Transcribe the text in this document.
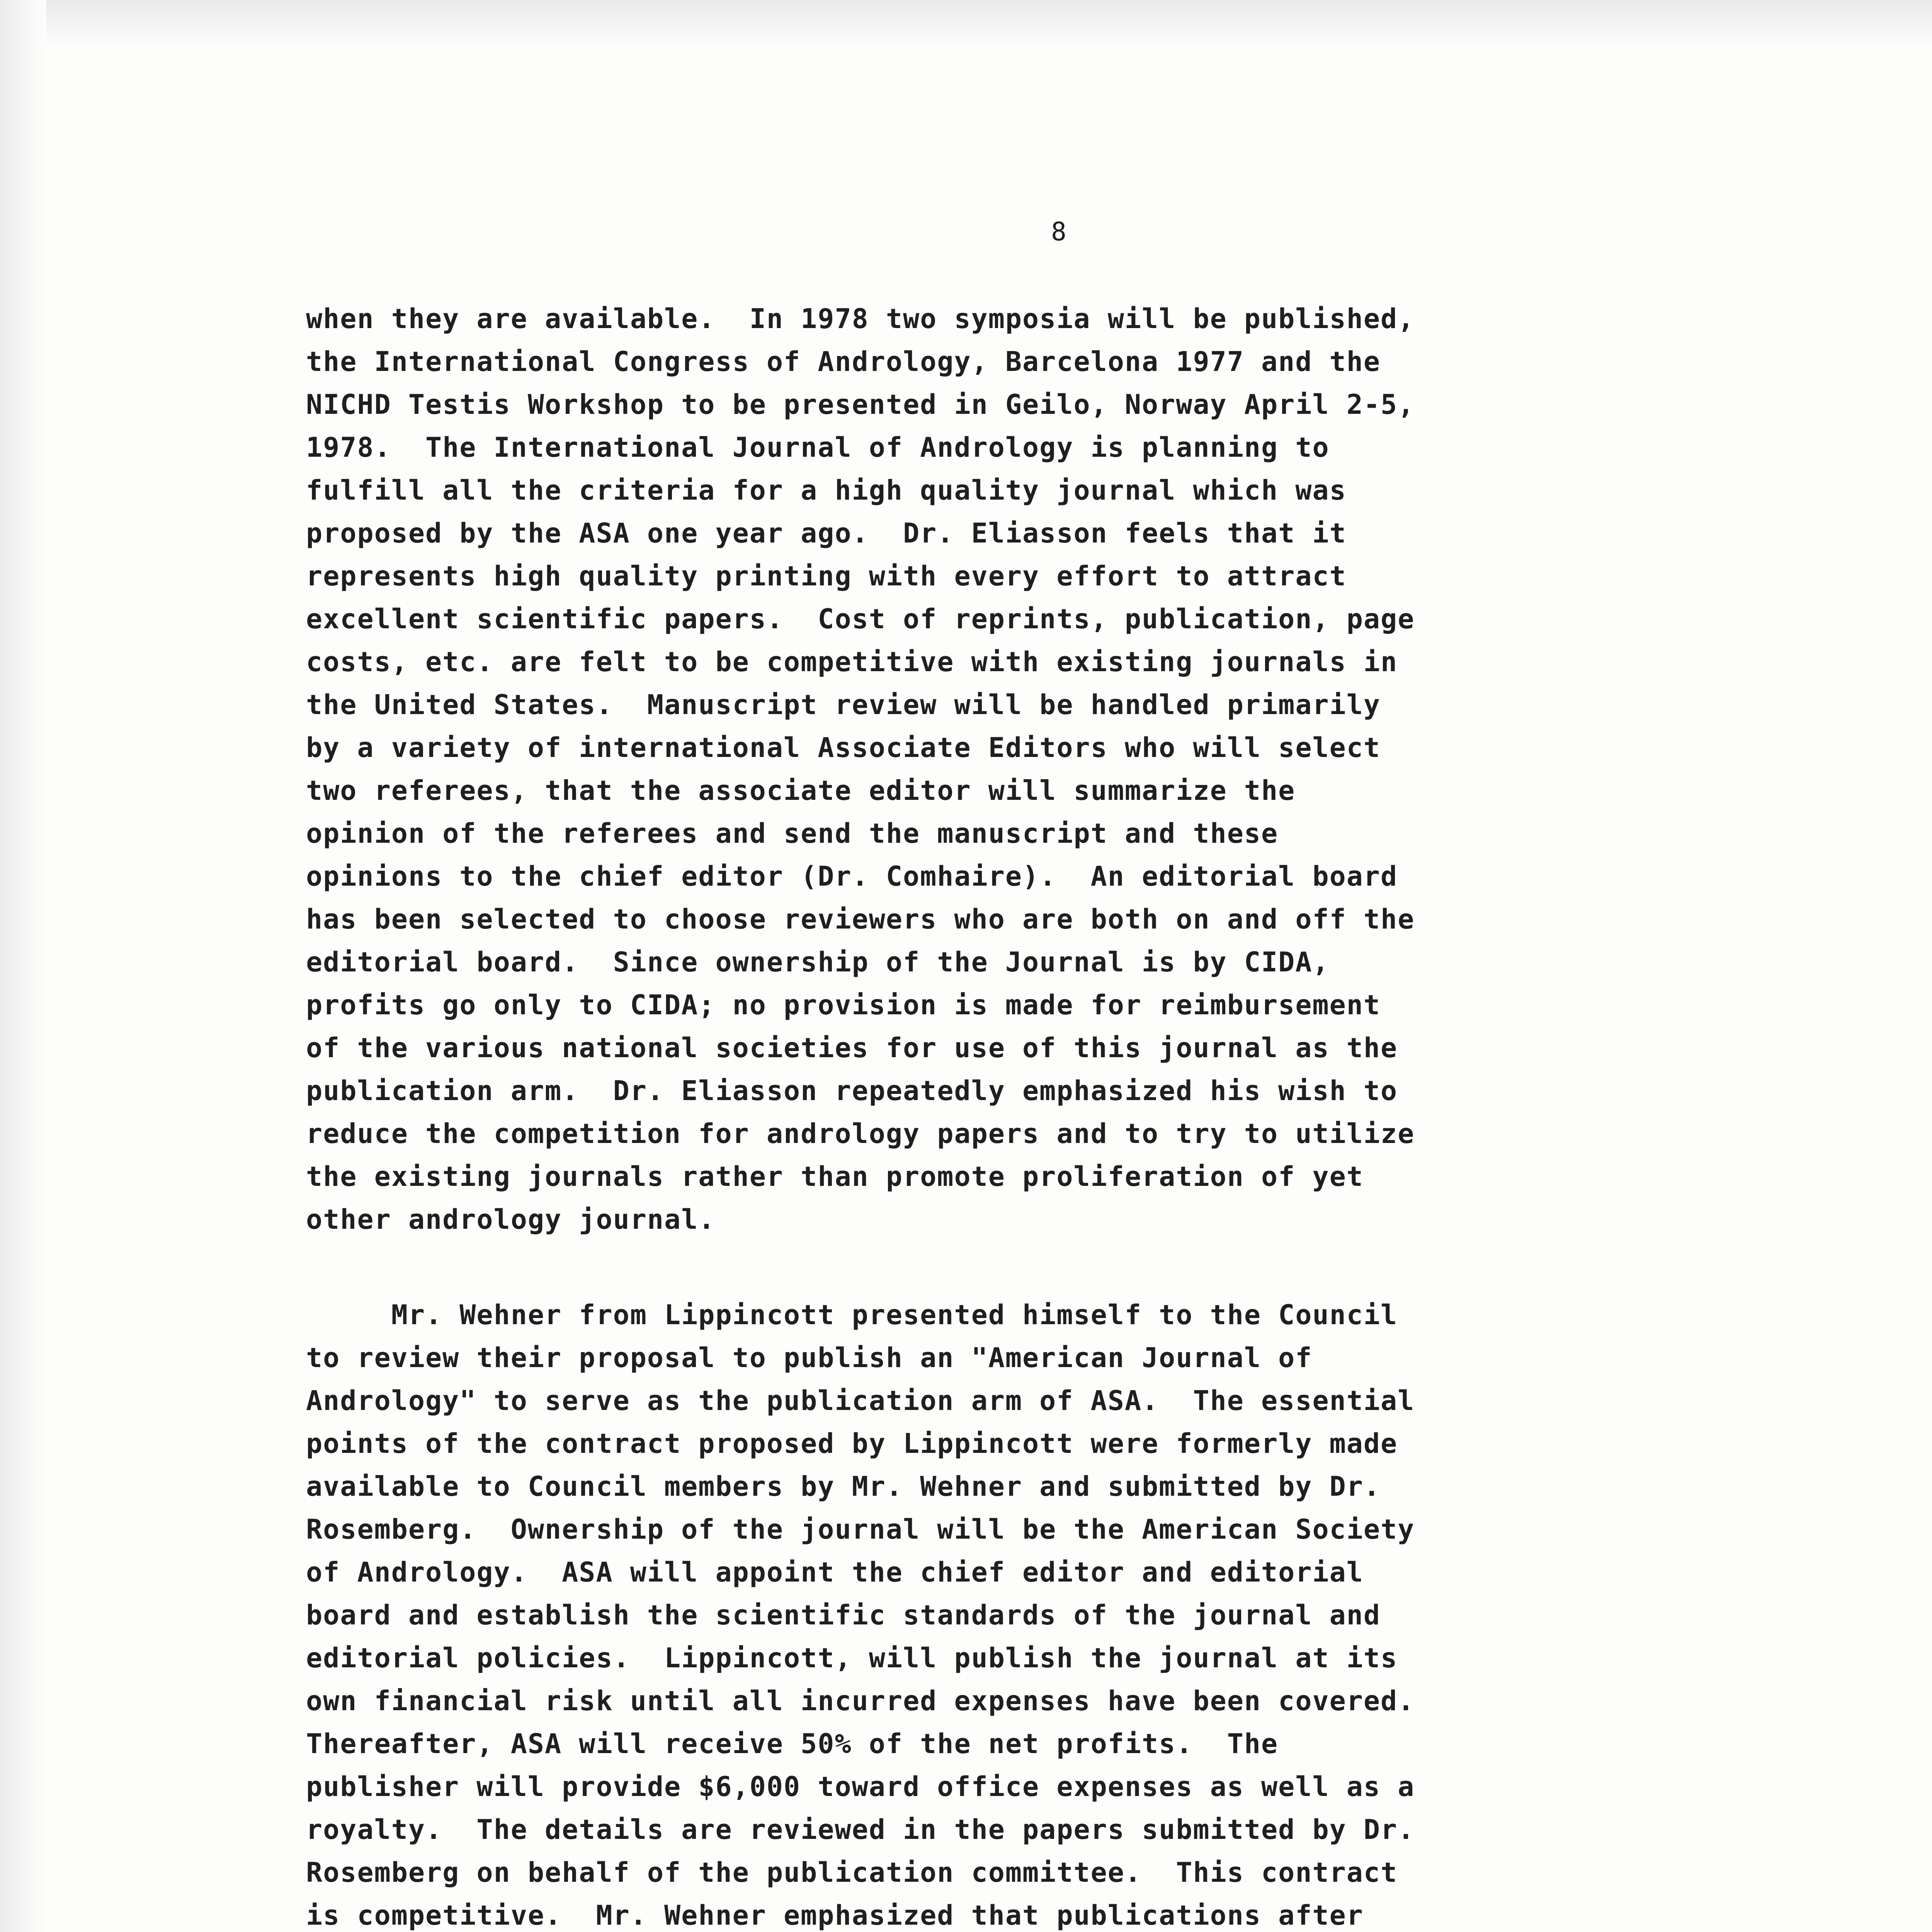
8
when they are available.  In 1978 two symposia will be published,
the International Congress of Andrology, Barcelona 1977 and the
NICHD Testis Workshop to be presented in Geilo, Norway April 2-5,
1978.  The International Journal of Andrology is planning to
fulfill all the criteria for a high quality journal which was
proposed by the ASA one year ago.  Dr. Eliasson feels that it
represents high quality printing with every effort to attract
excellent scientific papers.  Cost of reprints, publication, page
costs, etc. are felt to be competitive with existing journals in
the United States.  Manuscript review will be handled primarily
by a variety of international Associate Editors who will select
two referees, that the associate editor will summarize the
opinion of the referees and send the manuscript and these
opinions to the chief editor (Dr. Comhaire).  An editorial board
has been selected to choose reviewers who are both on and off the
editorial board.  Since ownership of the Journal is by CIDA,
profits go only to CIDA; no provision is made for reimbursement
of the various national societies for use of this journal as the
publication arm.  Dr. Eliasson repeatedly emphasized his wish to
reduce the competition for andrology papers and to try to utilize
the existing journals rather than promote proliferation of yet
other andrology journal.
Mr. Wehner from Lippincott presented himself to the Council
to review their proposal to publish an "American Journal of
Andrology" to serve as the publication arm of ASA.  The essential
points of the contract proposed by Lippincott were formerly made
available to Council members by Mr. Wehner and submitted by Dr.
Rosemberg.  Ownership of the journal will be the American Society
of Andrology.  ASA will appoint the chief editor and editorial
board and establish the scientific standards of the journal and
editorial policies.  Lippincott, will publish the journal at its
own financial risk until all incurred expenses have been covered.
Thereafter, ASA will receive 50% of the net profits.  The
publisher will provide $6,000 toward office expenses as well as a
royalty.  The details are reviewed in the papers submitted by Dr.
Rosemberg on behalf of the publication committee.  This contract
is competitive.  Mr. Wehner emphasized that publications after
